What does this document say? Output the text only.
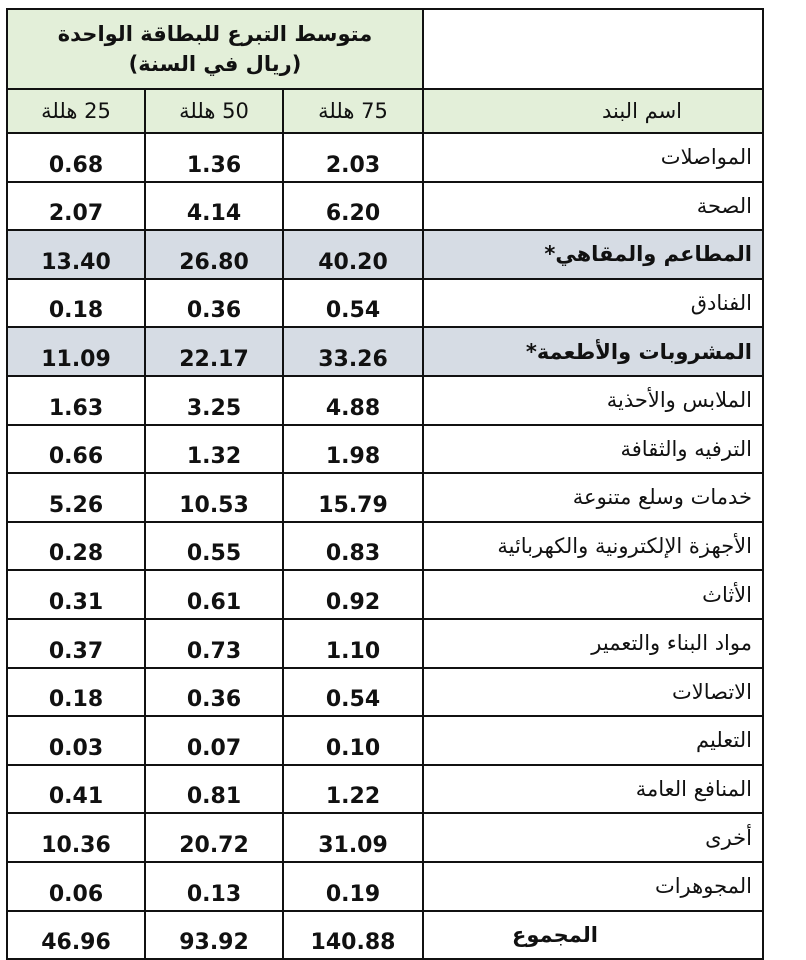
متوسط التبرع للبطاقة الواحدة
(ريال في السنة)			

25 هللة	50 هللة	75 هللة	اسم البند
0.68	1.36	2.03	المواصلات
2.07	4.14	6.20	الصحة
13.40	26.80	40.20	المطاعم والمقاهي*
0.18	0.36	0.54	الفنادق
11.09	22.17	33.26	المشروبات والأطعمة*
1.63	3.25	4.88	الملابس والأحذية
0.66	1.32	1.98	الترفيه والثقافة
5.26	10.53	15.79	خدمات وسلع متنوعة
0.28	0.55	0.83	الأجهزة الإلكترونية والكهربائية
0.31	0.61	0.92	الأثاث
0.37	0.73	1.10	مواد البناء والتعمير
0.18	0.36	0.54	الاتصالات
0.03	0.07	0.10	التعليم
0.41	0.81	1.22	المنافع العامة
10.36	20.72	31.09	أخرى
0.06	0.13	0.19	المجوهرات
46.96	93.92	140.88	المجموع
